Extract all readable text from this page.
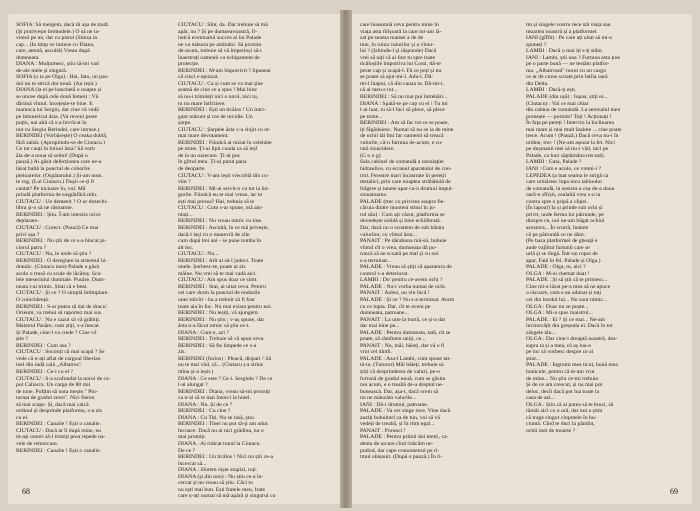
SOFIA: Să mergem, dacă tii așa de mult.

(Și potrivește brobodele.) O să ne la-

vintul pe un, dar cu pistol (Stinsa in

cap... (In timp ce intinse cu Diana,

care, atentă, ascultă) Vreau după

dumneata.

DIANA : Mulțumesc, știu să-mi vad

de-ale mele și singură.

SOFIA (o ia pe Olga) : Hai, fato, un pas-

doi nu te strică doi nouă. (Au ieșit.)

DIANA (la el pe banchetă o noapte și

se uncee după cele două femei) : Vă

dărimă vîntul. încețește-te bine. E

mamuca lui Sergiu, dar cine vă vadă

pe întunericul ăsta. (Va reveni peste

puțin, nai altă că s-a învrîcut în

nut cu Sergiu Berindei, care intrase.)

BERINDEI (Vorbărește) O ceaka dublă,

fără zahăr. (Apropiindu-se de Ciutacu.)

Ce tot cauți în biroul ăsta? Să vorb

ăla de-a noua să sedui! (După o

pauză.) Ai găsit defecțiunea care ne-a

lăsat baltă la punctul de coborîre

pieioarelor. (Ospătarului.) Și-am nom.

te rog. (Lui Ciutacu.) Dușii ce-ți fi

cautat? Pe nicioare în, vul. Mă

prindă platforma de sușpărfără mîn.

CIUTACU : Un demeeit ? O ur dezechi-

libra și-o să ne răstoarne.

BERINDEI : Știu. Î-am interzis orice

deplasare.

CIUTACU : Corect. (Pauză) Ce mai

privi așa ?

BERINDEI : Nu știi de ce s-a blocat pi-

ciorul patru ?

CIUTACU : Nu, ie unde să știu ?

BERINDEI : O dereglare la sistemul hi-

draulic. (Ciutacu tace) Palade a găsit

acolo o trusă cu scule de lăcătuș. Scu-

lele meseriului dumitale. Pusăre. Dum-

neata i-ai trimis. Știai că e beat.

CIUTACU : Și ce ? O simplă întîmplare.

O coincidență.

BERINDEI : S-ar putea să dai de dracu'.

Orieum, va trebui să raportez mai sus.

CIUTACU : Nu e cazul să vă grăbiți.

Maistrul Pasăre, cum știți, s-a înecat.

Și Palade, cine-l va crede ? Cine vă

știe ?

BERINDEI : Cum asa ?

CIUTACU : Socotiți că mai scapă ? Se

vede că n-ați aflat de cargoul liberian

inel din radă cală ,,Albatros''.

BERINDEI : Ce-i cu el ?

CIUTACU : S-a scufundat la noroi de ca-

pul Caliacra. Un cargo de 80 mii

de tone. Pofțim să nota mește." Ptu-

turnat de gradul zeroi". Nici fierea

să mai scape. Și, dacă mai calcă

ordinul și desprinde platforma, s-a zis

cu el.

BERINDEI : Canalie ! Ești o canalie.

CIUTACU : Dacă ar îl după mine, nu

m-ași omori să-l trimiți prea repede na-

vele de remorcare.

BERINDEI : Canalie ! Ești o canalie.

CIUTACU : Sînt, da. Dar trebuie să mă

apăr, nu ? Și pe dumneavoastră, fi-

indcă eventualul succes al lui Palade

ne va măsura pe amîndoi. Să pornim

de-acum, trebuie să vă imperioși să-i

înaestrați oamenii cu echipament de

protecție.

BERINDEI : M-am împotrivit ? Spuneai

că cinci e epuizat.

CIUTACU : Ca și cum se va mai ține

seamă de cine ce a spus ! Mai bine

să nu-i trimiteți nici o navă, nici tu,

tu nu mare întîrziere.

BERINDEI : Ești un ticălos ! Un intri-

gant mărunt și ros de invidie. Un

șarpe.

CIUTACU : Șarpele ăsta v-a slujit cu ot-

mai mare devotament.

BERINDEI : Fiindcă ai mizat în celelalte

pe mine. Ți-ai lipit coada ca să ieșî

de la un oarecare. Ți-ai pus

în gîrtul meu. Ți-ai putut pana

de deoparte.

CIUTACU : V-am ieșit vrecoblă din cu-

vînt ?

BERINDEI : Mi-ai servit-o cu tot la lin-

gurile. Fiindcă eu te mai vreau, iar tu

ești mai presus? Hai, trebuia să te

CIUTACU : Cum s-ar spune, mă am-

ninți...

BERINDEI : Nu vreau nimic cu tine.

BERINDEI : Ascultă, în ce mă privește,

dacă-l lași cu o manevră de zile

cum după trei ani - se pune tomba în

alt loc.

CIUTACU : Nu...

BERINDEI : Atît ai să-l judeci. Toate

unele. Șorbesc-te, poate ai zis

mâine. Nu vrei să te mai vadă aici.

CIUTACU : Am spus doar ce simt.

BERINDEI : Stai, ai uitat ceva. Pentru

cei care dorm la punctul de nodurile

unei stăvîri - ba a trebuit să fi fost

toate aia în foc. Nu mai exista pentru noi.

BERINDEI : Nu ieșiți, vă ajungem.

BERINDEI : Nu știu ; v-aș spune, dar

ăsta n-a făcut nimic să știu ce-i.

DIANA : Cum e, azi ?

BERINDEI : Trebuie să vă spun ceva.

BERINDEI : Să fie limpede ce s-a

zis.

BERINDEI (furios) : Pleacă, dispari ! Să

nu te mai văd, că... (Ciutacu ț-a strins

mîna și-a ieșit.)

DIANA : Ce este ? Ce-i. Sergiule ? De ce

l-ai alungat ?

BERINDEI : Diana, vreau să-mi promiți

ca n-ai să te mai întorci la hotel.

DIANA : Nu. Și de ce ?

BERINDEI : Cu cine ?

DIANA : Cu Tiți. Nu se lasă, știu.

BERINDEI : Tinei nu pot să-ți am adus

încoace. Dacă nu ai nici grădina, nu o

mai promiți.

DIANA : Ai ridicat tonul la Ciutacu.

De ce ?

BERINDEI : Un ticălos ! Nici nu știi ce-a

încercat să...

DIANA : Sîntem niște stupizi, toți.

DIANA (și din nou) : Nu știu ce-a în-

cercat și nu vreau să știu. Căci tu

nu ești mai bun. Ești fratele meu, frate

care n-ați numai să mă apără și singurul cu

68

care înseamnă ceva pentru mine în

viața asta tîrîșoară la care mi-am lă-

sat pe seama mamei a de de

tine, în ruina valurilor și a vîntu-

lui ? (Izbindu-l și răspunde) Dacă

vrei să uiți că ai fost tu spre toate

ticăloșiile împotriva lui Costi, dă-te

peste cap și scapă-l. Fă ce poți și nu

se poate să ajui-mi-l. Adu-l. Dă-

mi-l înapoi, că din cauza ta. Dă-mi-l,

că ai meu e tot...

BERINDEI : Să nu mai pui întrebări...

DIANA : Spală-te pe cap cu el ! Tu mi

l-ai luat, tu să-l faci să plece, să plece

pe mine...

BERINDEI : Am să fac tot ce se poate,

iți făgăduiesc. Numai să nu se ia de mine

de ochii tăi îmi fac oamenii să treacă

valurile, că-n furtuna de-acum, e cu-

rată sinucidere.

(G o n g)

Sala cabinei de comandă a instalației

hidraulice, cu ecranul aparatului de con-

trol. Ferestre mari încastrate în pereții

metalici, prin care noaptea străbătută de

fulgere și tunete apar ca-n drumul impul-

sionatoarea.

PALADE (trec cu privirea asupra fie-

căruia dintre munteni stinsi în ju-

rul său) : Cum ați văzut, platforma se

dovedește solidă și bine echilibrată.

Dar, dacă nu o scoatem de sub bătaia

valurilor, cu vîntul ăsta...

PANAIT : Pe dărabuna mă-sii, bubuie

vîntul cît o vrea, dumneata dă po-

runcă să ne scoată pe mal și cu noi

s-a terminat...

PALADE : Vreau să știți că aparatura de

control s-a deteriorat.

LAMBI : Do' pentru ce-avem ochi ?

PALADE : Nu-i vorba numai de ochi.

PANAIT : Aoleu, nu vin încă !

PALADE : Și ce ? Nu s-a terminat. Avem

cu ce lupta. Dar, cît te avem pe

dumneata, patroane...

PANAIT : La uite la burtă, ce și-a dat

dar mai bine pe...

PALADE : Pentru dumneata, tată, cît se

poate, să rămînem uniți, ce...

PANAIT : Nu, măi, băieți, dar vă o fi

vrut cel dintîi.

PALADE : Asa-l Lambi, cum spune tat-

tă-tu. (Tuturor) Măi băieți, trebuie să

știți că desprinderea de valuri, pe-o

furtună de gradul nouă, cum se găsim

noi acum, e o treabă de-a dreptul ne-

bunească. Dar, așa-i, dacă vrem să

nu ne mâncăm valurile...

IANI : Dă-i drumul, patroane.

PALADE : Va cer singe rece. Vine dacă

auziți bubuituri ca de tun, voi să vă

vedeți de treabă, și în ritm egal...

PANAIT : Porunci !

PALADE : Pentru primii doi metri, ca-

denta de urcare cînd ridicăm ne-

putînd, dar cape cronometrul pe ri-

tmul obișnuit. (După o pauză.) În ri-

tm și singele vostru rece stă viața sau

moartea noastră și a platformei.

IANI (gîfîit) : Pe care ați uitat să mi-o

spuneți ?

LAMBI : Dacă o mai iți s-ți stăm.

IANI : Lambi, știi una ? Furtuna asta ține

pe o parte bună — ne testăm platfor-

ma. „Albatrosul" noroi cu un cargo

ce ar de curse scoate prin întîia oară

din Delta.

LAMBI : Dacă-ți ești.

PALADE (din ușă) : Iopaa, știți ei...

(Ciutacu) : Vai ce mai chiar

din cabina de comandă. La semnalul meu

pornește — pornim! Toți ! Acționați !

În fața pe pereți ! Intervin la înclinarea

mai mare și mai mult înainte ... cine poate

trece. Acum ! (Pauză.) Dacă ceva nu-i în

ordine, trec ! (Ne-am așezat la fel. Nici

pe dușmanii mei să nu-i văd, nici pe

Palade, ca luni săptămâna trecută).

LAMBI : Gata, Palade ?

IANI : Cum e acolo, ce vremi-i ?

LEPEDEA (a luat seama le strigă ca

care urmăresc lupa recu tabloului

de comandă, la sosirea a cea de-a doua

oară-n sfîrșit, cealaltă vrea s-o ia

contra spre o pripă a clipei.

(În lapoal) Ia și prinde sub ochi și

privit, unde ferma lui pătrunde, pe

dinspre ce, noi ne-am băgat ochiul

acestora... În scurtă, înainte

că pe pătrundă ce ne dăm.

(Pe baza platformei de gheață e

aude vajîitul furtunii care se

urlă și se tîngă. Într-un ropot de

apar, Fată în fel. Palade și Olga.)

PALADE : Olga, tu, aici ?

OLGA : M-ai chemat doar !

PALADE : Și să știi că te primesc...

Cine mi-a lăsat pe-a mea să ne apuce

o răcoare, cum s-au adunat și toți

cei din bordul lui... Nu sunt nimic...

OLGA : Doar nu se poate...

OLGA : Mi-a spus maistrul...

PALADE : Ei ? Și ce mai... Ne-am

învinovățit din greșeala ei. Dacă în tot

sângele tău...

OLGA : Dar cine-i dreaptă noastră, dea-

supra ta și a mea, că aș lua-o

pe loc să vorbesc despre ce ai

știut...

PALADE : Ingrumi mea ticul, bună mea

bunicule, pentru că te-am vrut

de mine... Nu știu ce-mi trebuie.

Și de ce am crescut, și nu mai pot

deloc, decît dacă pot lua toate la

casa de azi...

OLGA : Știu că ai putea să te bruci, să

rămâi aici cu o oră, dar noi a știm

că trage singur clopotele în bu-

ciumă. Cînd te duci la pămînt,

ochii mei de moarte ?

69
